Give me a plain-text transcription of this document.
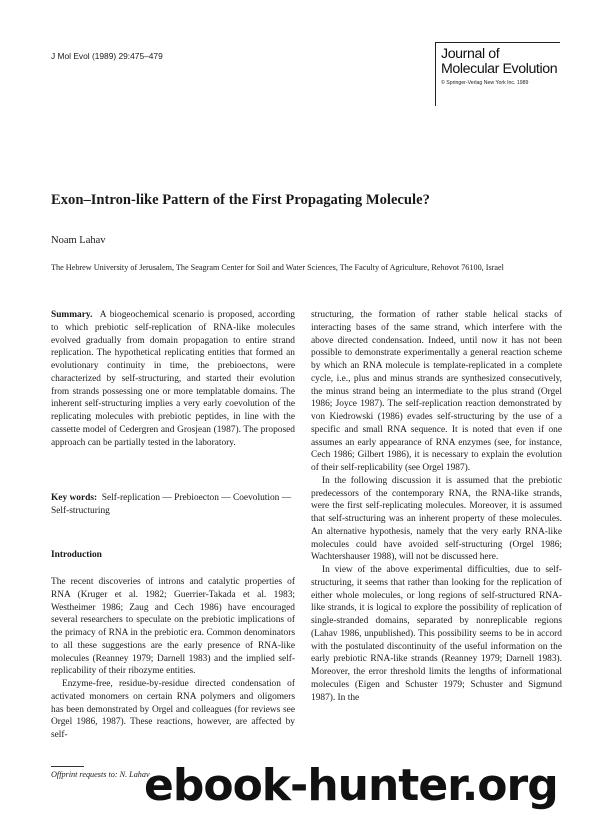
J Mol Evol (1989) 29:475–479	Journal of
Molecular Evolution
© Springer-Verlag New York Inc. 1989
Exon–Intron-like Pattern of the First Propagating Molecule?
Noam Lahav
The Hebrew University of Jerusalem, The Seagram Center for Soil and Water Sciences, The Faculty of Agriculture, Rehovot 76100, Israel

Summary. A biogeochemical scenario is proposed, according to which prebiotic self-replication of RNA-like molecules evolved gradually from domain propagation to entire strand replication. The hypothetical replicating entities that formed an evolutionary continuity in time, the prebioectons, were characterized by self-structuring, and started their evolution from strands possessing one or more templatable domains. The inherent self-structuring implies a very early coevolution of the replicating molecules with prebiotic peptides, in line with the cassette model of Cedergren and Grosjean (1987). The proposed approach can be partially tested in the laboratory.

Key words: Self-replication — Prebioecton — Coevolution — Self-structuring
Introduction

The recent discoveries of introns and catalytic properties of RNA (Kruger et al. 1982; Guerrier-Takada et al. 1983; Westheimer 1986; Zaug and Cech 1986) have encouraged several researchers to speculate on the prebiotic implications of the primacy of RNA in the prebiotic era. Common denominators to all these suggestions are the early presence of RNA-like molecules (Reanney 1979; Darnell 1983) and the implied self-replicability of their ribozyme entities.

Enzyme-free, residue-by-residue directed condensation of activated monomers on certain RNA polymers and oligomers has been demonstrated by Orgel and colleagues (for reviews see Orgel 1986, 1987). These reactions, however, are affected by self-

structuring, the formation of rather stable helical stacks of interacting bases of the same strand, which interfere with the above directed condensation. Indeed, until now it has not been possible to demonstrate experimentally a general reaction scheme by which an RNA molecule is template-replicated in a complete cycle, i.e., plus and minus strands are synthesized consecutively, the minus strand being an intermediate to the plus strand (Orgel 1986; Joyce 1987). The self-replication reaction demonstrated by von Kiedrowski (1986) evades self-structuring by the use of a specific and small RNA sequence. It is noted that even if one assumes an early appearance of RNA enzymes (see, for instance, Cech 1986; Gilbert 1986), it is necessary to explain the evolution of their self-replicability (see Orgel 1987).

In the following discussion it is assumed that the prebiotic predecessors of the contemporary RNA, the RNA-like strands, were the first self-replicating molecules. Moreover, it is assumed that self-structuring was an inherent property of these molecules. An alternative hypothesis, namely that the very early RNA-like molecules could have avoided self-structuring (Orgel 1986; Wachtershauser 1988), will not be discussed here.

In view of the above experimental difficulties, due to self-structuring, it seems that rather than looking for the replication of either whole molecules, or long regions of self-structured RNA-like strands, it is logical to explore the possibility of replication of single-stranded domains, separated by nonreplicable regions (Lahav 1986, unpublished). This possibility seems to be in accord with the postulated discontinuity of the useful information on the early prebiotic RNA-like strands (Reanney 1979; Darnell 1983). Moreover, the error threshold limits the lengths of informational molecules (Eigen and Schuster 1979; Schuster and Sigmund 1987). In the

Offprint requests to: N. Lahav
ebook-hunter.org
